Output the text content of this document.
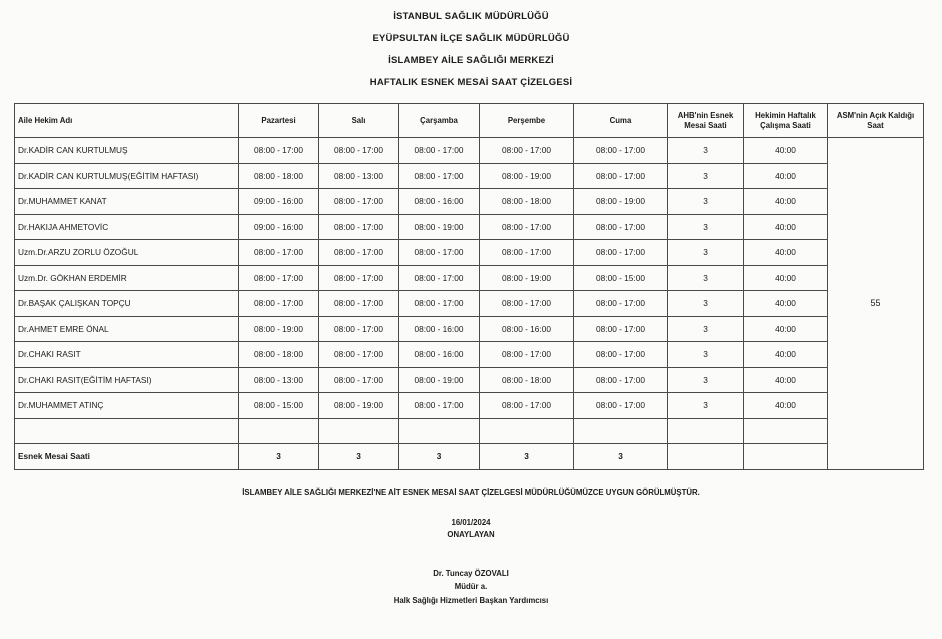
İSTANBUL SAĞLIK MÜDÜRLÜĞÜ
EYÜPSULTAN İLÇE SAĞLIK MÜDÜRLÜĞÜ
İSLAMBEY AİLE SAĞLIĞI MERKEZİ
HAFTALIK ESNEK MESAİ SAAT ÇİZELGESİ
Aile Hekim Adı	Pazartesi	Salı	Çarşamba	Perşembe	Cuma	AHB'nin Esnek Mesai Saati	Hekimin Haftalık Çalışma Saati	ASM'nin Açık Kaldığı Saat
Dr.KADİR CAN KURTULMUŞ	08:00 - 17:00	08:00 - 17:00	08:00 - 17:00	08:00 - 17:00	08:00 - 17:00	3	40:00	55
Dr.KADİR CAN KURTULMUŞ(EĞİTİM HAFTASI)	08:00 - 18:00	08:00 - 13:00	08:00 - 17:00	08:00 - 19:00	08:00 - 17:00	3	40:00	
Dr.MUHAMMET KANAT	09:00 - 16:00	08:00 - 17:00	08:00 - 16:00	08:00 - 18:00	08:00 - 19:00	3	40:00	
Dr.HAKIJA AHMETOVİC	09:00 - 16:00	08:00 - 17:00	08:00 - 19:00	08:00 - 17:00	08:00 - 17:00	3	40:00	
Uzm.Dr.ARZU ZORLU ÖZOĞUL	08:00 - 17:00	08:00 - 17:00	08:00 - 17:00	08:00 - 17:00	08:00 - 17:00	3	40:00	
Uzm.Dr. GÖKHAN ERDEMİR	08:00 - 17:00	08:00 - 17:00	08:00 - 17:00	08:00 - 19:00	08:00 - 15:00	3	40:00	
Dr.BAŞAK ÇALIŞKAN TOPÇU	08:00 - 17:00	08:00 - 17:00	08:00 - 17:00	08:00 - 17:00	08:00 - 17:00	3	40:00	
Dr.AHMET EMRE ÖNAL	08:00 - 19:00	08:00 - 17:00	08:00 - 16:00	08:00 - 16:00	08:00 - 17:00	3	40:00	
Dr.CHAKI RASIT	08:00 - 18:00	08:00 - 17:00	08:00 - 16:00	08:00 - 17:00	08:00 - 17:00	3	40:00	
Dr.CHAKI RASIT(EĞİTİM HAFTASI)	08:00 - 13:00	08:00 - 17:00	08:00 - 19:00	08:00 - 18:00	08:00 - 17:00	3	40:00	
Dr.MUHAMMET ATINÇ	08:00 - 15:00	08:00 - 19:00	08:00 - 17:00	08:00 - 17:00	08:00 - 17:00	3	40:00	

Esnek Mesai Saati	3	3	3	3	3			
İSLAMBEY AİLE SAĞLIĞI MERKEZİ'NE AİT ESNEK MESAİ SAAT ÇİZELGESİ MÜDÜRLÜĞÜMÜZCE UYGUN GÖRÜLMÜŞTÜR.
16/01/2024
ONAYLAYAN
Dr. Tuncay ÖZOVALI
Müdür a.
Halk Sağlığı Hizmetleri Başkan Yardımcısı
